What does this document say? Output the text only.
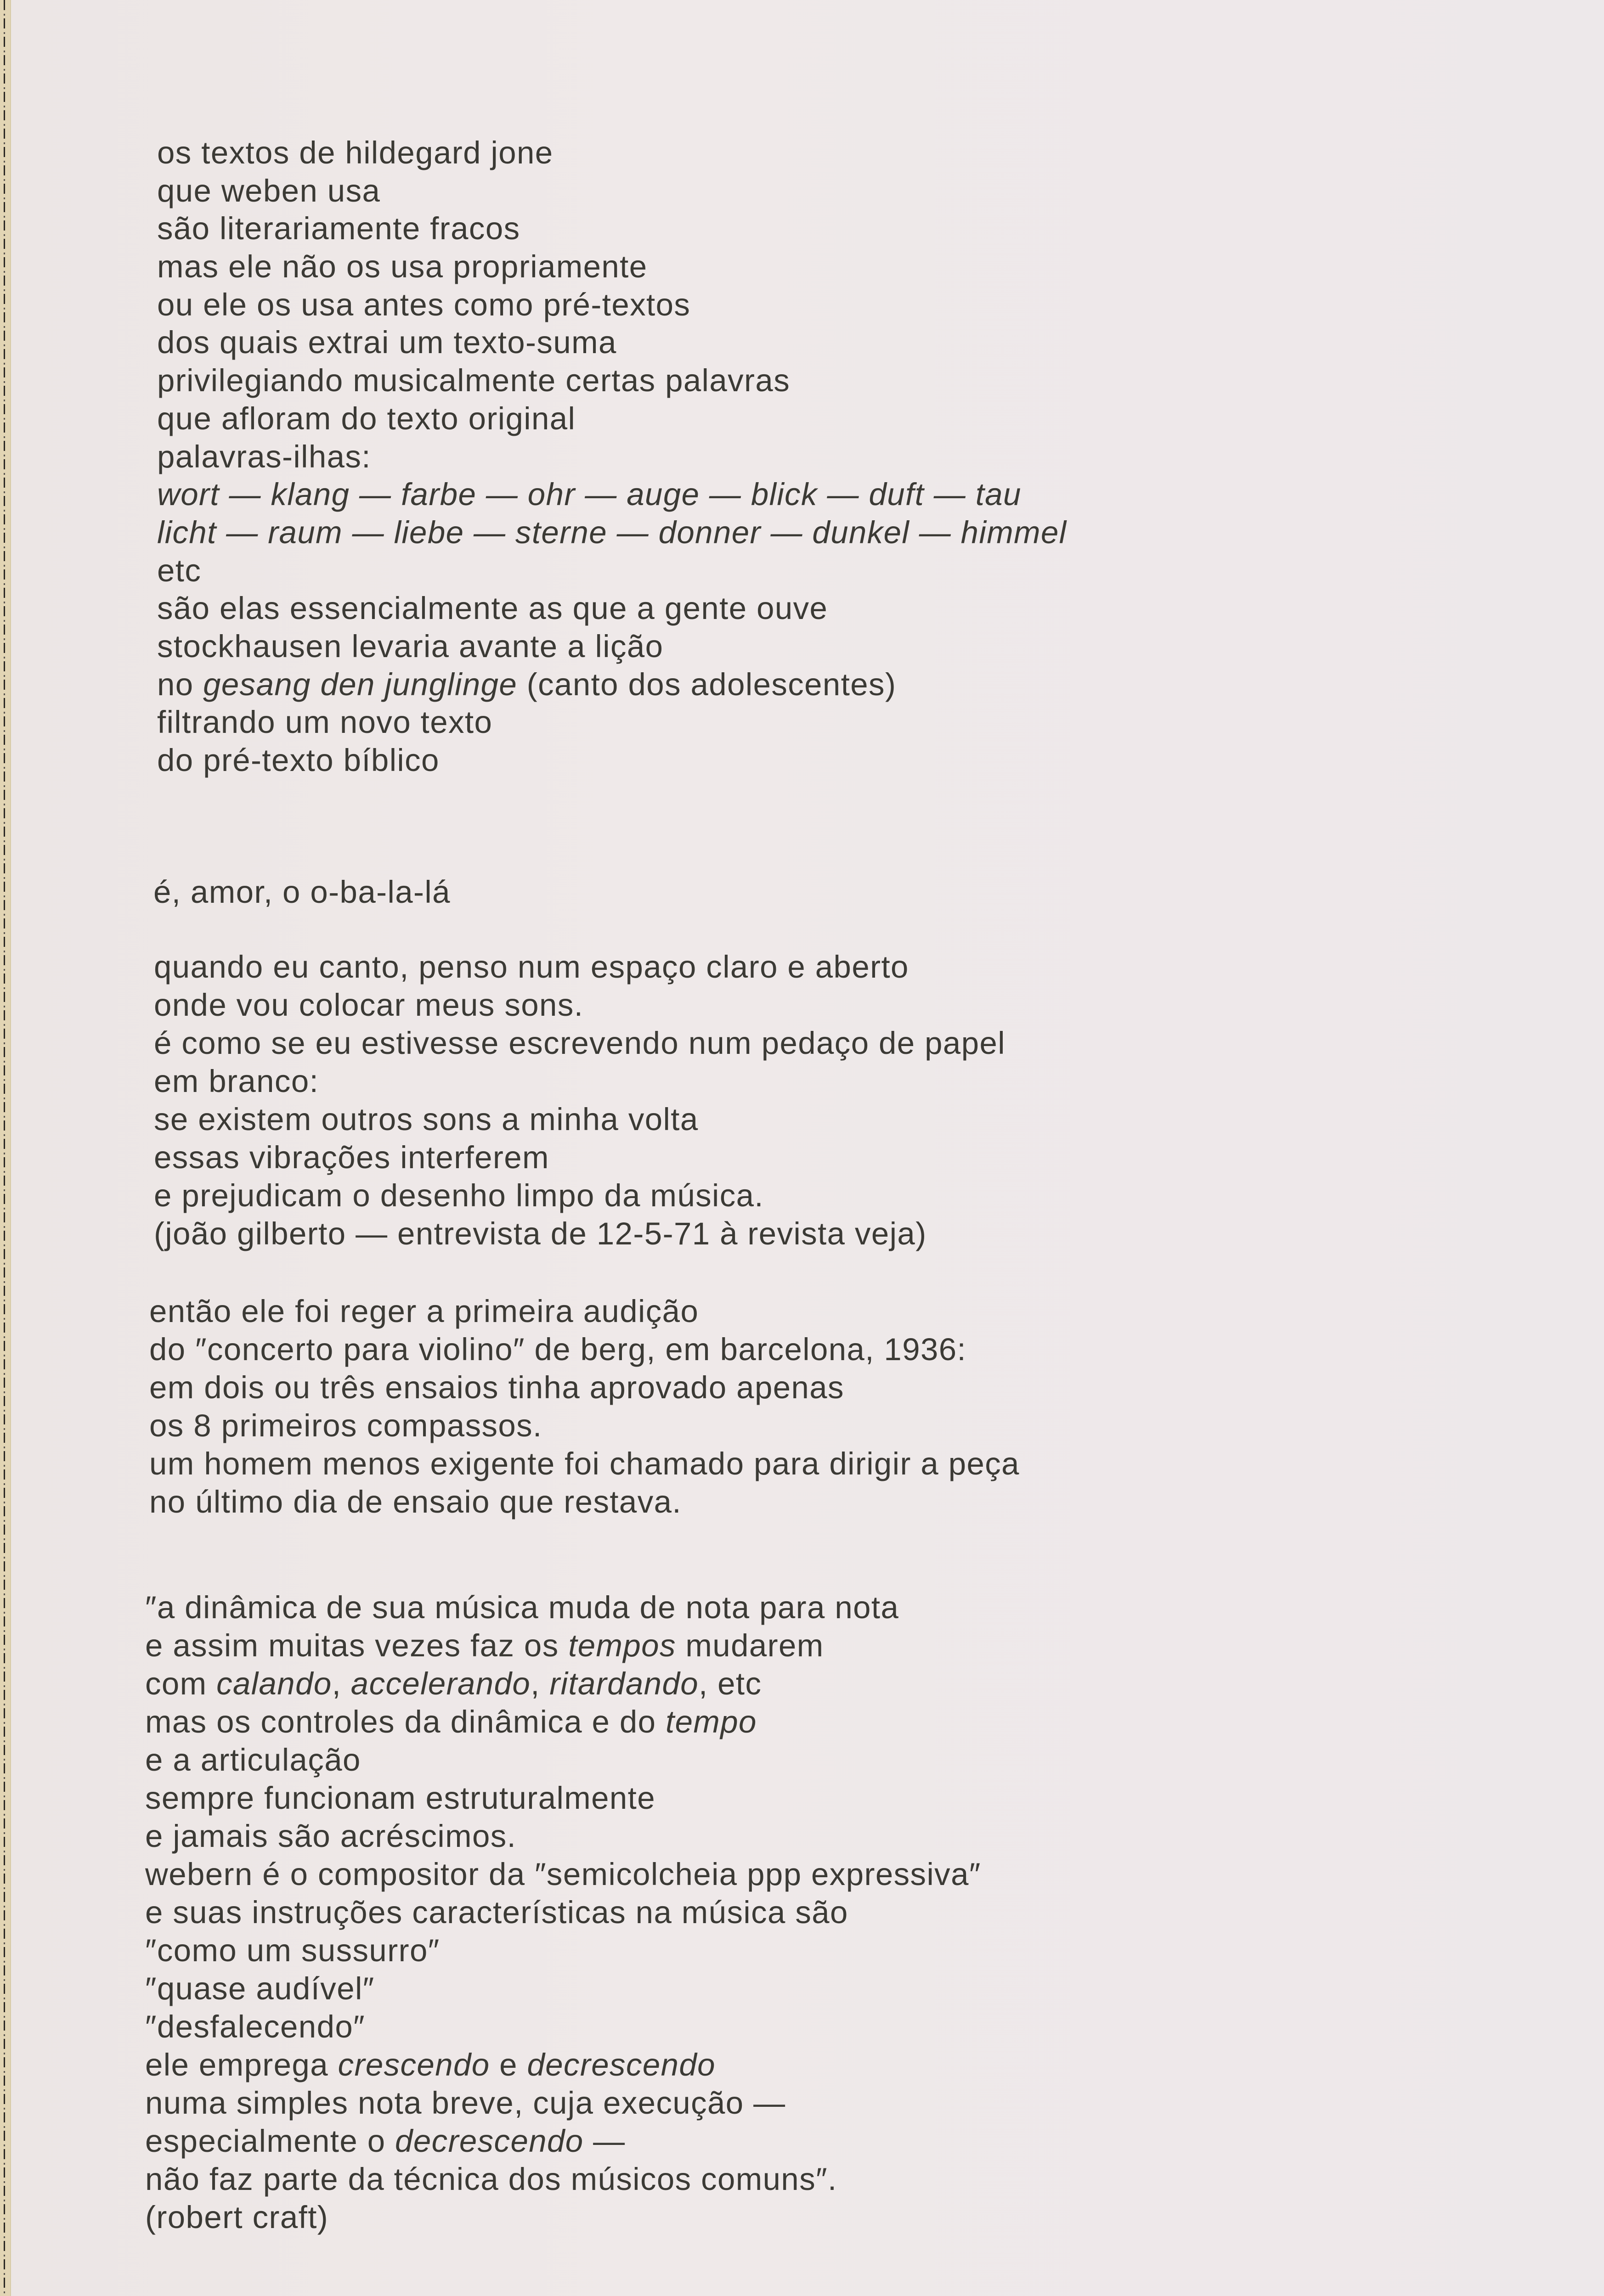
os textos de hildegard jone
que weben usa
são literariamente fracos
mas ele não os usa propriamente
ou ele os usa antes como pré-textos
dos quais extrai um texto-suma
privilegiando musicalmente certas palavras
que afloram do texto original
palavras-ilhas:
wort — klang — farbe — ohr — auge — blick — duft — tau
licht — raum — liebe — sterne — donner — dunkel — himmel
etc
são elas essencialmente as que a gente ouve
stockhausen levaria avante a lição
no gesang den junglinge (canto dos adolescentes)
filtrando um novo texto
do pré-texto bíblico
é, amor, o o-ba-la-lá
quando eu canto, penso num espaço claro e aberto
onde vou colocar meus sons.
é como se eu estivesse escrevendo num pedaço de papel
em branco:
se existem outros sons a minha volta
essas vibrações interferem
e prejudicam o desenho limpo da música.
(joão gilberto — entrevista de 12-5-71 à revista veja)
então ele foi reger a primeira audição
do ″concerto para violino″ de berg, em barcelona, 1936:
em dois ou três ensaios tinha aprovado apenas
os 8 primeiros compassos.
um homem menos exigente foi chamado para dirigir a peça
no último dia de ensaio que restava.
″a dinâmica de sua música muda de nota para nota
e assim muitas vezes faz os tempos mudarem
com calando, accelerando, ritardando, etc
mas os controles da dinâmica e do tempo
e a articulação
sempre funcionam estruturalmente
e jamais são acréscimos.
webern é o compositor da ″semicolcheia ppp expressiva″
e suas instruções características na música são
″como um sussurro″
″quase audível″
″desfalecendo″
ele emprega crescendo e decrescendo
numa simples nota breve, cuja execução —
especialmente o decrescendo —
não faz parte da técnica dos músicos comuns″.
(robert craft)
